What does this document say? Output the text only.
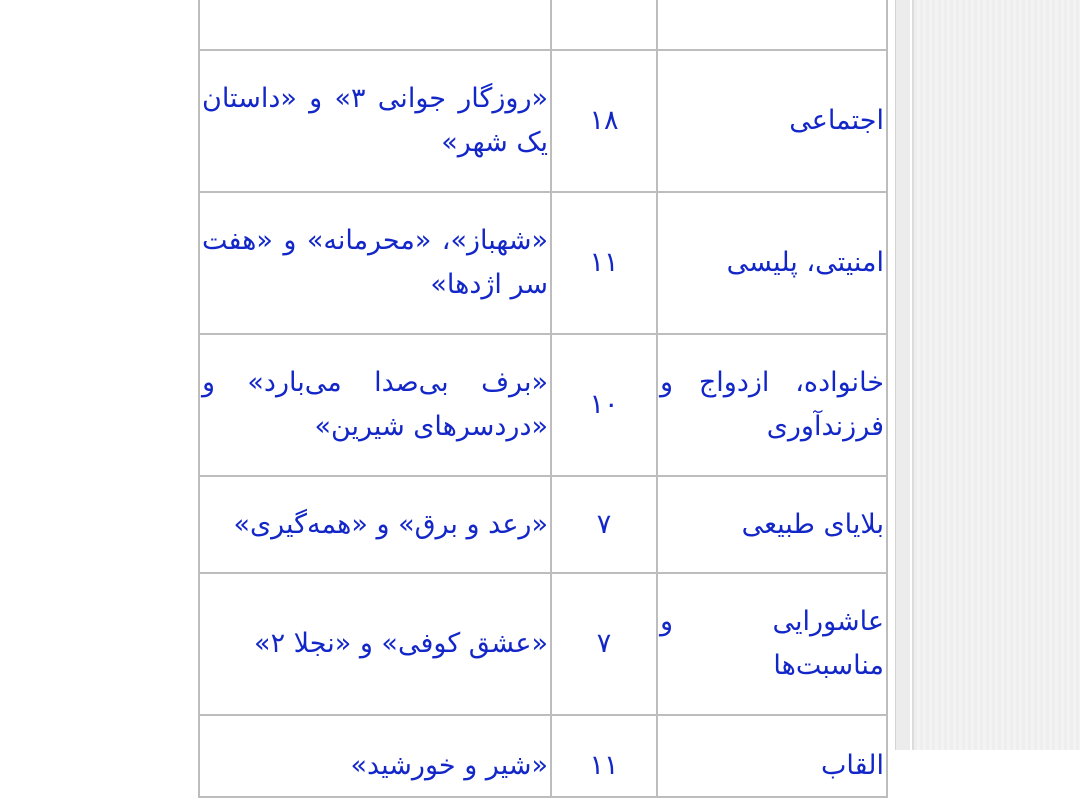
اجتماعی	۱۸	«روزگار جوانی ۳» و «داستان یک شهر»
امنیتی، پلیسی	۱۱	«شهباز»، «محرمانه» و «هفت سر اژدها»
خانواده، ازدواج و فرزندآوری	۱۰	«برف بی‌صدا می‌بارد» و «دردسرهای شیرین»
بلایای طبیعی	۷	«رعد و برق» و «همه‌گیری»
عاشورایی و مناسبت‌ها	۷	«عشق کوفی» و «نجلا ۲»
القاب	۱۱	«شیر و خورشید»
